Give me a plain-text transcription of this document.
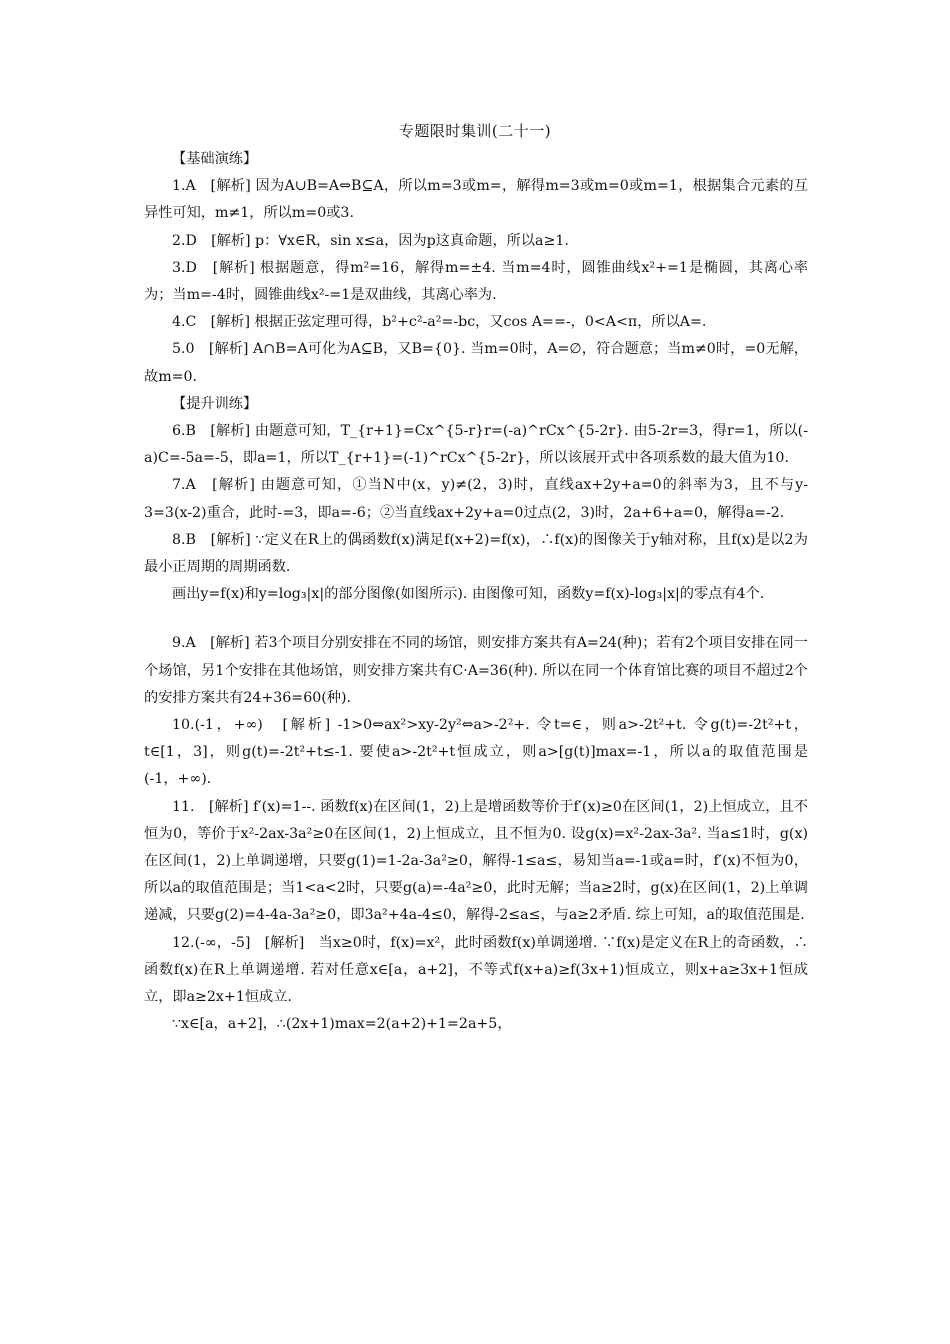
专题限时集训(二十一)
【基础演练】

1.A　[解析] 因为A∪B=A⇔B⊆A，所以m=3或m=，解得m=3或m=0或m=1，根据集合元素的互异性可知，m≠1，所以m=0或3.

2.D　[解析] p：∀x∈R，sin x≤a，因为p这真命题，所以a≥1.

3.D　[解析] 根据题意，得m²=16，解得m=±4. 当m=4时，圆锥曲线x²+=1是椭圆，其离心率为；当m=-4时，圆锥曲线x²-=1是双曲线，其离心率为.

4.C　[解析] 根据正弦定理可得，b²+c²-a²=-bc，又cos A==-，0<A<π，所以A=.

5.0　[解析] A∩B=A可化为A⊆B，又B={0}. 当m=0时，A=∅，符合题意；当m≠0时，=0无解，故m=0.

【提升训练】

6.B　[解析] 由题意可知，T_{r+1}=Cx^{5-r}r=(-a)^rCx^{5-2r}. 由5-2r=3，得r=1，所以(-a)C=-5a=-5，即a=1，所以T_{r+1}=(-1)^rCx^{5-2r}，所以该展开式中各项系数的最大值为10.

7.A　[解析] 由题意可知，①当N中(x，y)≠(2，3)时，直线ax+2y+a=0的斜率为3，且不与y-3=3(x-2)重合，此时-=3，即a=-6；②当直线ax+2y+a=0过点(2，3)时，2a+6+a=0，解得a=-2.

8.B　[解析] ∵定义在R上的偶函数f(x)满足f(x+2)=f(x)，∴f(x)的图像关于y轴对称，且f(x)是以2为最小正周期的周期函数.

画出y=f(x)和y=log₃|x|的部分图像(如图所示). 由图像可知，函数y=f(x)-log₃|x|的零点有4个.

9.A　[解析] 若3个项目分别安排在不同的场馆，则安排方案共有A=24(种)；若有2个项目安排在同一个场馆，另1个安排在其他场馆，则安排方案共有C·A=36(种). 所以在同一个体育馆比赛的项目不超过2个的安排方案共有24+36=60(种).

10.(-1，+∞)　[解析] -1>0⇔ax²>xy-2y²⇔a>-2²+. 令t=∈，则a>-2t²+t. 令g(t)=-2t²+t，t∈[1，3]，则g(t)=-2t²+t≤-1. 要使a>-2t²+t恒成立，则a>[g(t)]max=-1，所以a的取值范围是(-1，+∞).

11.　[解析] f′(x)=1--. 函数f(x)在区间(1，2)上是增函数等价于f′(x)≥0在区间(1，2)上恒成立，且不恒为0，等价于x²-2ax-3a²≥0在区间(1，2)上恒成立，且不恒为0. 设g(x)=x²-2ax-3a². 当a≤1时，g(x)在区间(1，2)上单调递增，只要g(1)=1-2a-3a²≥0，解得-1≤a≤，易知当a=-1或a=时，f′(x)不恒为0，所以a的取值范围是；当1<a<2时，只要g(a)=-4a²≥0，此时无解；当a≥2时，g(x)在区间(1，2)上单调递减，只要g(2)=4-4a-3a²≥0，即3a²+4a-4≤0，解得-2≤a≤，与a≥2矛盾. 综上可知，a的取值范围是.

12.(-∞，-5]　[解析]　当x≥0时，f(x)=x²，此时函数f(x)单调递增. ∵f(x)是定义在R上的奇函数，∴函数f(x)在R上单调递增. 若对任意x∈[a，a+2]，不等式f(x+a)≥f(3x+1)恒成立，则x+a≥3x+1恒成立，即a≥2x+1恒成立.

∵x∈[a，a+2]，∴(2x+1)max=2(a+2)+1=2a+5，
